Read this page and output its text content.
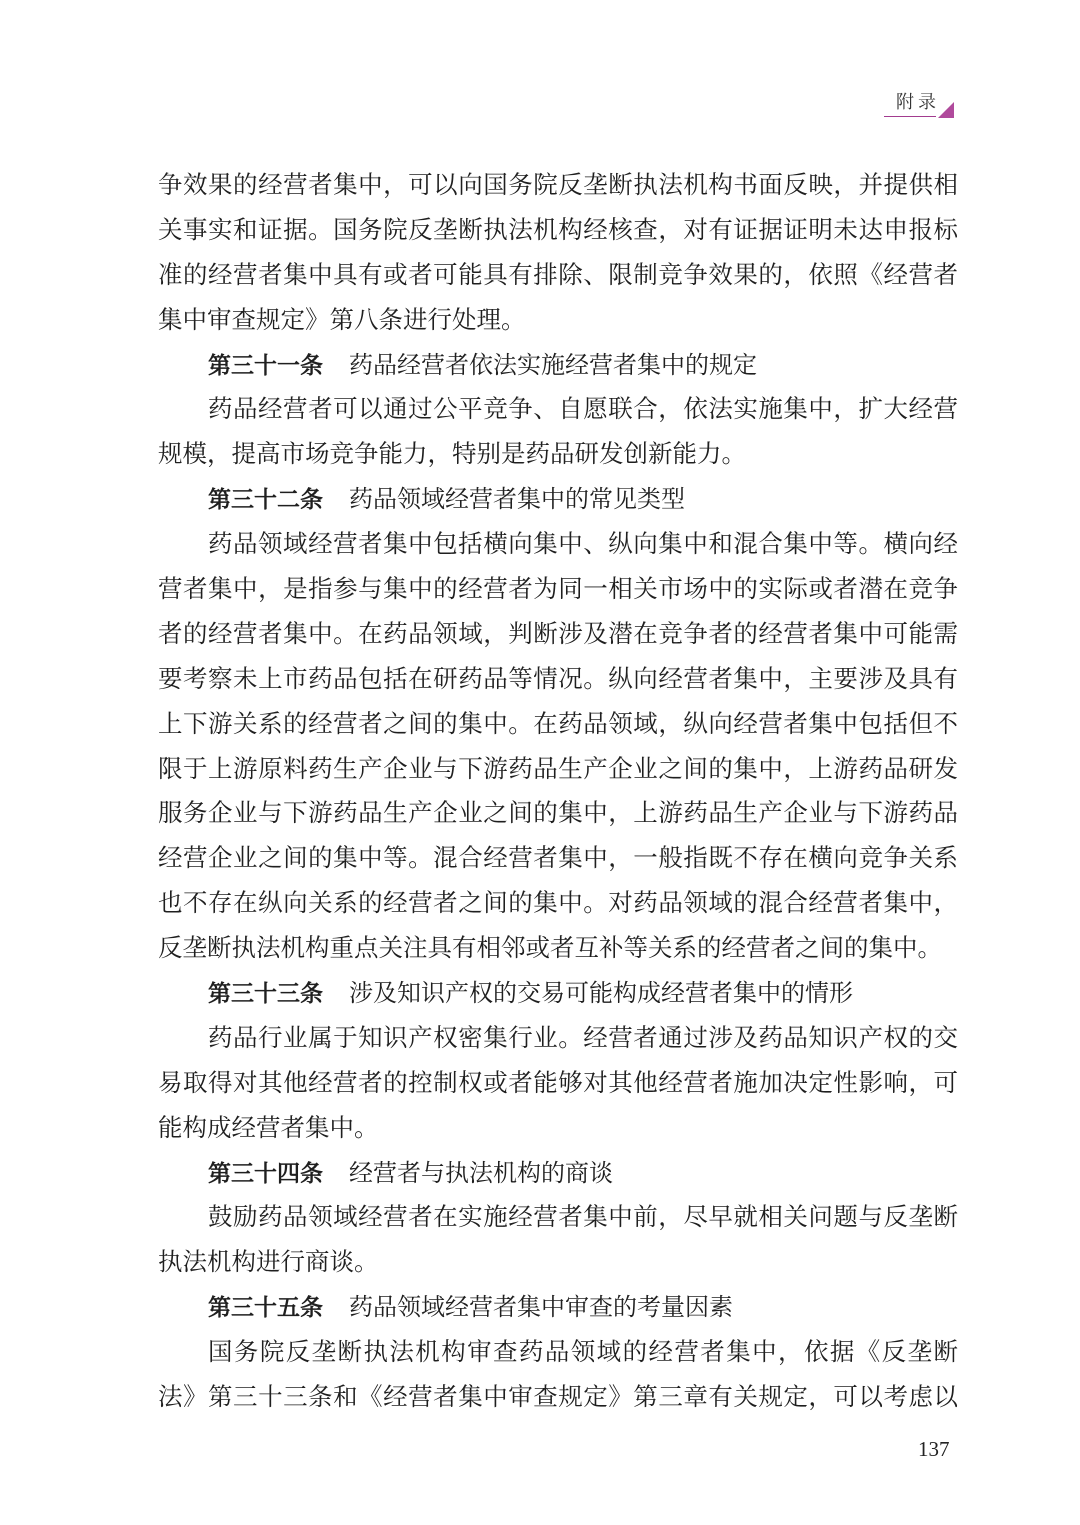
附录
争效果的经营者集中，可以向国务院反垄断执法机构书面反映，并提供相
关事实和证据。国务院反垄断执法机构经核查，对有证据证明未达申报标
准的经营者集中具有或者可能具有排除、限制竞争效果的，依照《经营者
集中审查规定》第八条进行处理。
第三十一条 药品经营者依法实施经营者集中的规定
药品经营者可以通过公平竞争、自愿联合，依法实施集中，扩大经营
规模，提高市场竞争能力，特别是药品研发创新能力。
第三十二条 药品领域经营者集中的常见类型
药品领域经营者集中包括横向集中、纵向集中和混合集中等。横向经
营者集中，是指参与集中的经营者为同一相关市场中的实际或者潜在竞争
者的经营者集中。在药品领域，判断涉及潜在竞争者的经营者集中可能需
要考察未上市药品包括在研药品等情况。纵向经营者集中，主要涉及具有
上下游关系的经营者之间的集中。在药品领域，纵向经营者集中包括但不
限于上游原料药生产企业与下游药品生产企业之间的集中，上游药品研发
服务企业与下游药品生产企业之间的集中，上游药品生产企业与下游药品
经营企业之间的集中等。混合经营者集中，一般指既不存在横向竞争关系
也不存在纵向关系的经营者之间的集中。对药品领域的混合经营者集中，
反垄断执法机构重点关注具有相邻或者互补等关系的经营者之间的集中。
第三十三条 涉及知识产权的交易可能构成经营者集中的情形
药品行业属于知识产权密集行业。经营者通过涉及药品知识产权的交
易取得对其他经营者的控制权或者能够对其他经营者施加决定性影响，可
能构成经营者集中。
第三十四条 经营者与执法机构的商谈
鼓励药品领域经营者在实施经营者集中前，尽早就相关问题与反垄断
执法机构进行商谈。
第三十五条 药品领域经营者集中审查的考量因素
国务院反垄断执法机构审查药品领域的经营者集中，依据《反垄断
法》第三十三条和《经营者集中审查规定》第三章有关规定，可以考虑以
137
